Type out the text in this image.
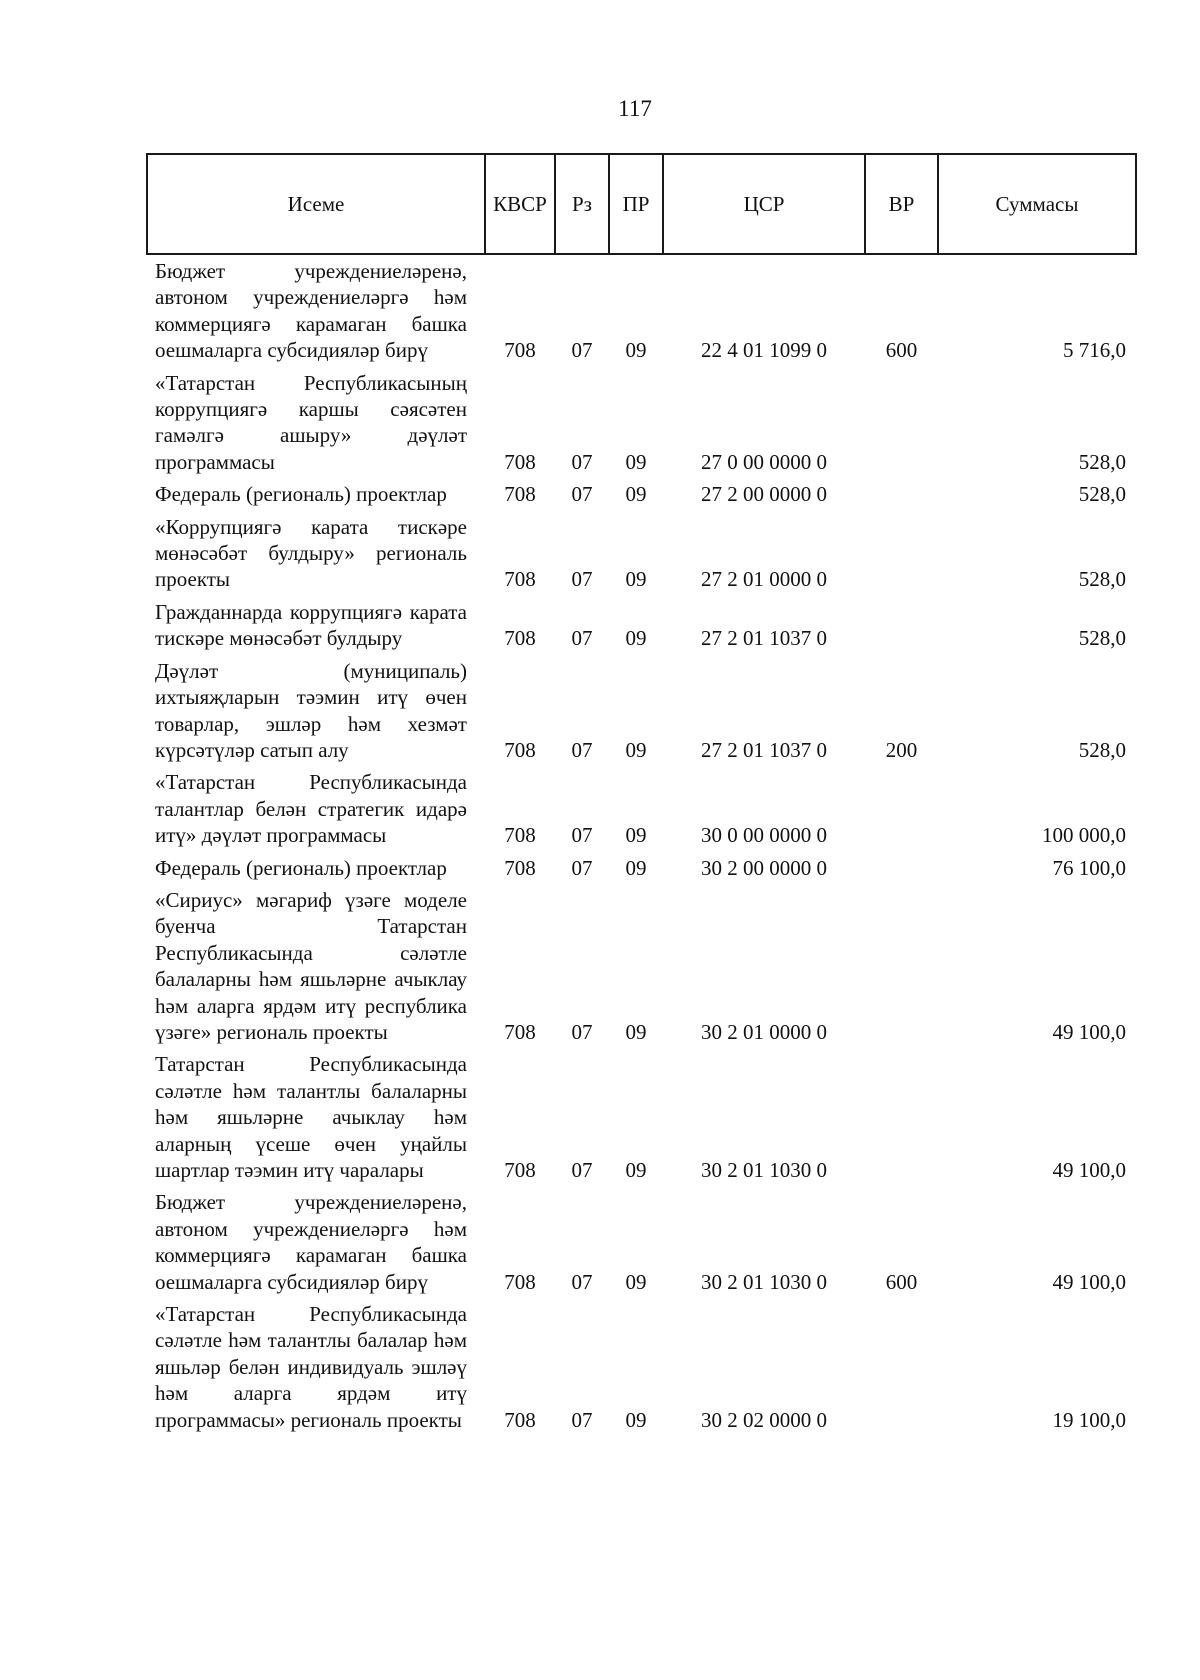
117
Исеме	КВСР	Рз	ПР	ЦСР	ВР	Суммасы
Бюджет учреждениеләренә, автоном учреждениеләргә һәм коммерциягә карамаган башка оешмаларга субсидияләр бирү	708	07	09	22 4 01 1099 0	600	5 716,0
«Татарстан Республикасының коррупциягә каршы сәясәтен гамәлгә ашыру» дәүләт программасы	708	07	09	27 0 00 0000 0		528,0
Федераль (региональ) проектлар	708	07	09	27 2 00 0000 0		528,0
«Коррупциягә карата тискәре мөнәсәбәт булдыру» региональ проекты	708	07	09	27 2 01 0000 0		528,0
Гражданнарда коррупциягә карата тискәре мөнәсәбәт булдыру	708	07	09	27 2 01 1037 0		528,0
Дәүләт (муниципаль) ихтыяҗларын тәэмин итү өчен товарлар, эшләр һәм хезмәт күрсәтүләр сатып алу	708	07	09	27 2 01 1037 0	200	528,0
«Татарстан Республикасында талантлар белән стратегик идарә итү» дәүләт программасы	708	07	09	30 0 00 0000 0		100 000,0
Федераль (региональ) проектлар	708	07	09	30 2 00 0000 0		76 100,0
«Сириус» мәгариф үзәге моделе буенча Татарстан Республикасында сәләтле балаларны һәм яшьләрне ачыклау һәм аларга ярдәм итү республика үзәге» региональ проекты	708	07	09	30 2 01 0000 0		49 100,0
Татарстан Республикасында сәләтле һәм талантлы балаларны һәм яшьләрне ачыклау һәм аларның үсеше өчен уңайлы шартлар тәэмин итү чаралары	708	07	09	30 2 01 1030 0		49 100,0
Бюджет учреждениеләренә, автоном учреждениеләргә һәм коммерциягә карамаган башка оешмаларга субсидияләр бирү	708	07	09	30 2 01 1030 0	600	49 100,0
«Татарстан Республикасында сәләтле һәм талантлы балалар һәм яшьләр белән индивидуаль эшләү һәм аларга ярдәм итү программасы» региональ проекты	708	07	09	30 2 02 0000 0		19 100,0
